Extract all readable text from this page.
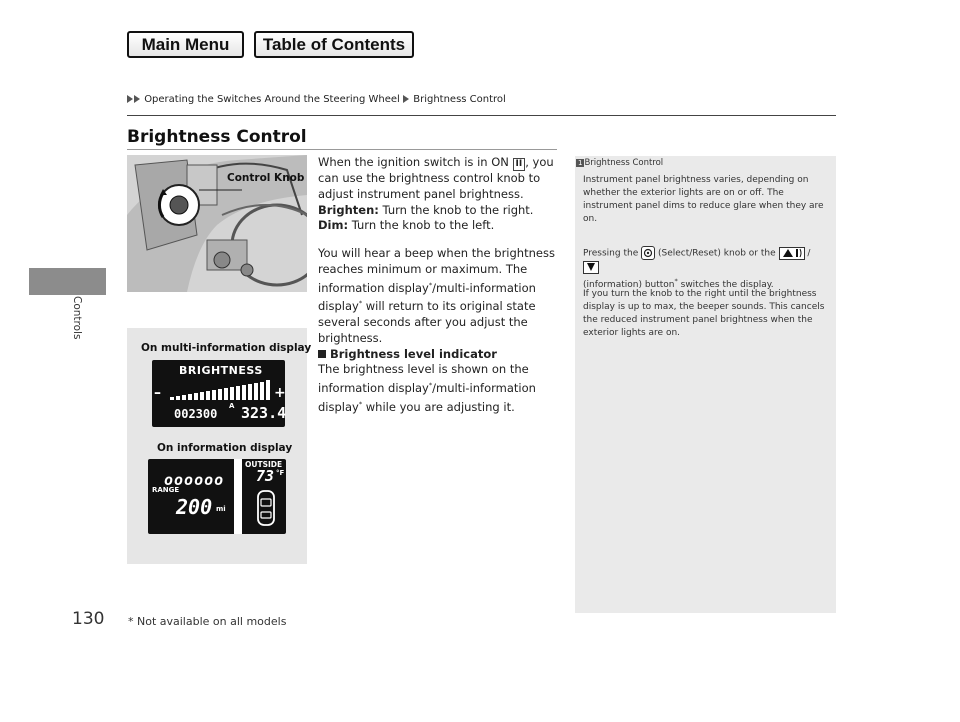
Main Menu	Table of Contents
Controls
Operating the Switches Around the Steering Wheel Brightness Control
Brightness Control
Control Knob
On multi-information display
BRIGHTNESS
–	+
002300
A 323.4
On information display
oooooo
RANGE
200 mi
OUTSIDE
73 °F

When the ignition switch is in ON II , you can use the brightness control knob to adjust instrument panel brightness.

Brighten: Turn the knob to the right.

Dim: Turn the knob to the left.

You will hear a beep when the brightness reaches minimum or maximum. The information display*/multi-information display* will return to its original state several seconds after you adjust the brightness.

Brightness level indicator

The brightness level is shown on the information display*/multi-information display* while you are adjusting it.

1 Brightness Control
Instrument panel brightness varies, depending on whether the exterior lights are on or off. The instrument panel dims to reduce glare when they are on.
Pressing the
(Select/Reset) knob or the	/

(information) button* switches the display.
If you turn the knob to the right until the brightness display is up to max, the beeper sounds. This cancels the reduced instrument panel brightness when the exterior lights are on.
130 * Not available on all models
